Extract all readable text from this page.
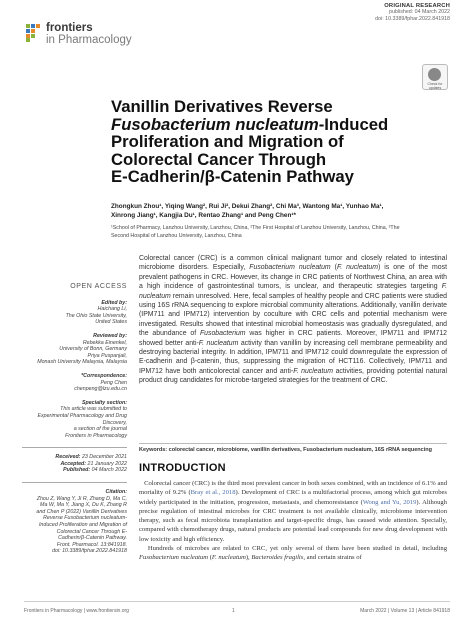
frontiers
in Pharmacology
ORIGINAL RESEARCH
published: 04 March 2022
doi: 10.3389/fphar.2022.841918
Check for updates
Vanillin Derivatives Reverse
Fusobacterium nucleatum-Induced
Proliferation and Migration of
Colorectal Cancer Through
E-Cadherin/β-Catenin Pathway
Zhongkun Zhou¹, Yiqing Wang², Rui Ji², Dekui Zhang², Chi Ma³, Wantong Ma¹, Yunhao Ma¹,
Xinrong Jiang¹, Kangjia Du¹, Rentao Zhang¹ and Peng Chen¹*
¹School of Pharmacy, Lanzhou University, Lanzhou, China, ²The First Hospital of Lanzhou University, Lanzhou, China, ³The
Second Hospital of Lanzhou University, Lanzhou, China
OPEN ACCESS
Edited by:
Haichang Li,
The Ohio State University,
United States
Reviewed by:
Rebekka Einenkel,
University of Bonn, Germany
Priya Puspanjali,
Monash University Malaysia, Malaysia
*Correspondence:
Peng Chen
chenpeng@lzu.edu.cn
Specialty section:
This article was submitted to
Experimental Pharmacology and Drug
Discovery,
a section of the journal
Frontiers in Pharmacology
Received: 23 December 2021
Accepted: 21 January 2022
Published: 04 March 2022
Citation:
Zhou Z, Wang Y, Ji R, Zhang D, Ma C,
Ma W, Ma Y, Jiang X, Du K, Zhang R
and Chen P (2022) Vanillin Derivatives
Reverse Fusobacterium nucleatum-
Induced Proliferation and Migration of
Colorectal Cancer Through E-
Cadherin/β-Catenin Pathway.
Front. Pharmacol. 13:841918.
doi: 10.3389/fphar.2022.841918

Colorectal cancer (CRC) is a common clinical malignant tumor and closely related to intestinal microbiome disorders. Especially, Fusobacterium nucleatum (F. nucleatum) is one of the most prevalent pathogens in CRC. However, its change in CRC patients of Northwest China, an area with a high incidence of gastrointestinal tumors, is unclear, and therapeutic strategies targeting F. nucleatum remain unresolved. Here, fecal samples of healthy people and CRC patients were studied using 16S rRNA sequencing to explore microbial community alterations. Additionally, vanillin derivate (IPM711 and IPM712) intervention by coculture with CRC cells and potential mechanism were investigated. Results showed that intestinal microbial homeostasis was gradually dysregulated, and the abundance of Fusobacterium was higher in CRC patients. Moreover, IPM711 and IPM712 showed better anti-F. nucleatum activity than vanillin by increasing cell membrane permeability and destroying bacterial integrity. In addition, IPM711 and IPM712 could downregulate the expression of E-cadherin and β-catenin, thus, suppressing the migration of HCT116. Collectively, IPM711 and IPM712 have both anticolorectal cancer and anti-F. nucleatum activities, providing potential natural product drug candidates for microbe-targeted strategies for the treatment of CRC.

Keywords: colorectal cancer, microbiome, vanillin derivatives, Fusobacterium nucleatum, 16S rRNA sequencing
INTRODUCTION

Colorectal cancer (CRC) is the third most prevalent cancer in both sexes combined, with an incidence of 6.1% and mortality of 9.2% (Bray et al., 2018). Development of CRC is a multifactorial process, among which gut microbes widely participated in the initiation, progression, metastasis, and chemoresistance (Wong and Yu, 2019). Although precise regulation of intestinal microbes for CRC treatment is not available clinically, microbiome intervention therapy, such as fecal microbiota transplantation and target-specific drugs, has caused wide attention. Specially, compared with chemotherapy drugs, natural products are potential lead compounds for new drug development with low toxicity and high efficiency.

Hundreds of microbes are related to CRC, yet only several of them have been studied in detail, including Fusobacterium nucleatum (F. nucleatum), Bacteroides fragilis, and certain strains of

Frontiers in Pharmacology | www.frontiersin.org	1	March 2022 | Volume 13 | Article 841918
